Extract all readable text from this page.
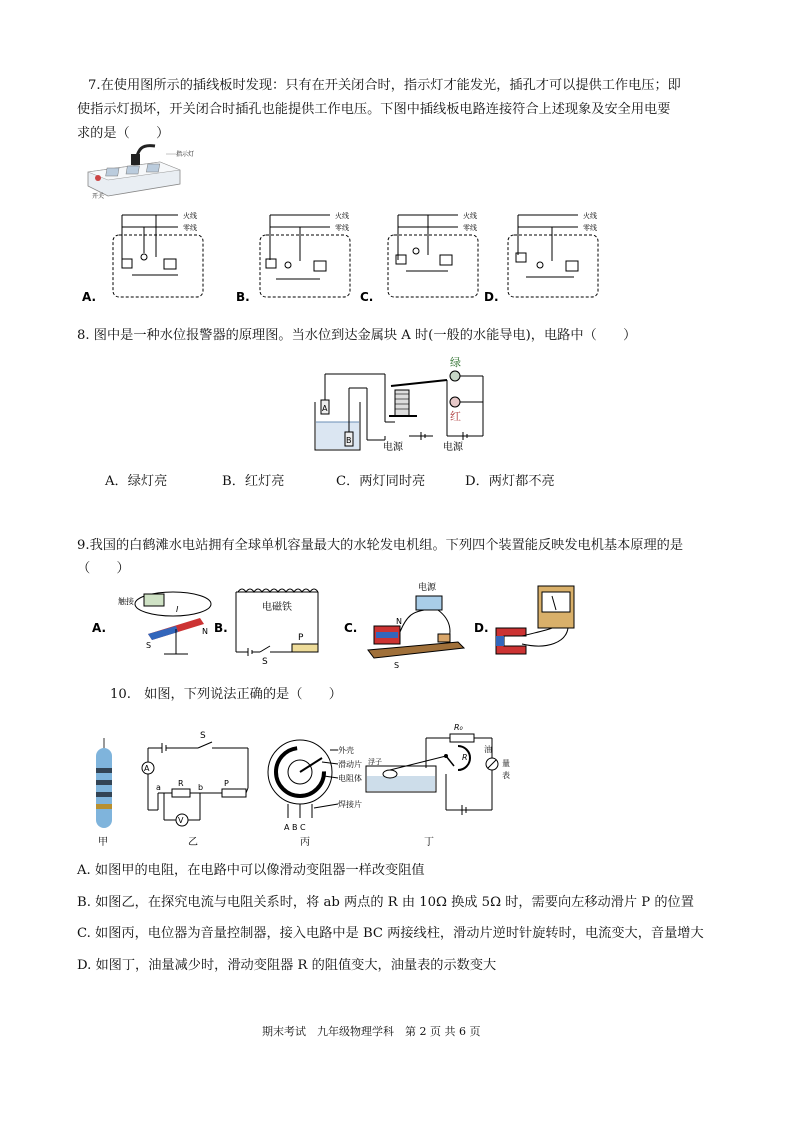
7.在使用图所示的插线板时发现：只有在开关闭合时，指示灯才能发光，插孔才可以提供工作电压；即
使指示灯损坏，开关闭合时插孔也能提供工作电压。下图中插线板电路连接符合上述现象及安全用电要
求的是（　　）
指示灯
开关
火线
零线
A.
火线
零线
B.
火线
零线
C.
火线
零线
D.
8. 图中是一种水位报警器的原理图。当水位到达金属块 A 时(一般的水能导电)，电路中（　　）
A
B
绿
红
电源	电源
A．绿灯亮	B．红灯亮	C．两灯同时亮	D．两灯都不亮
9.我国的白鹤滩水电站拥有全球单机容量最大的水轮发电机组。下列四个装置能反映发电机基本原理的是
（　　）
A.
触接
I
N
S
B.
电磁铁
P
S
C.
电源
N
S
D.
10.　如图，下列说法正确的是（　　）
甲
S
A
R
a	b	P
V
乙
A B C
外壳
滑动片
电阻体
焊接片
丙
浮子	R
R₀
油
量
表
丁
A. 如图甲的电阻，在电路中可以像滑动变阻器一样改变阻值
B. 如图乙，在探究电流与电阻关系时，将 ab 两点的 R 由 10Ω 换成 5Ω 时，需要向左移动滑片 P 的位置
C. 如图丙，电位器为音量控制器，接入电路中是 BC 两接线柱，滑动片逆时针旋转时，电流变大，音量增大
D. 如图丁，油量减少时，滑动变阻器 R 的阻值变大，油量表的示数变大
期末考试　九年级物理学科　第 2 页 共 6 页
